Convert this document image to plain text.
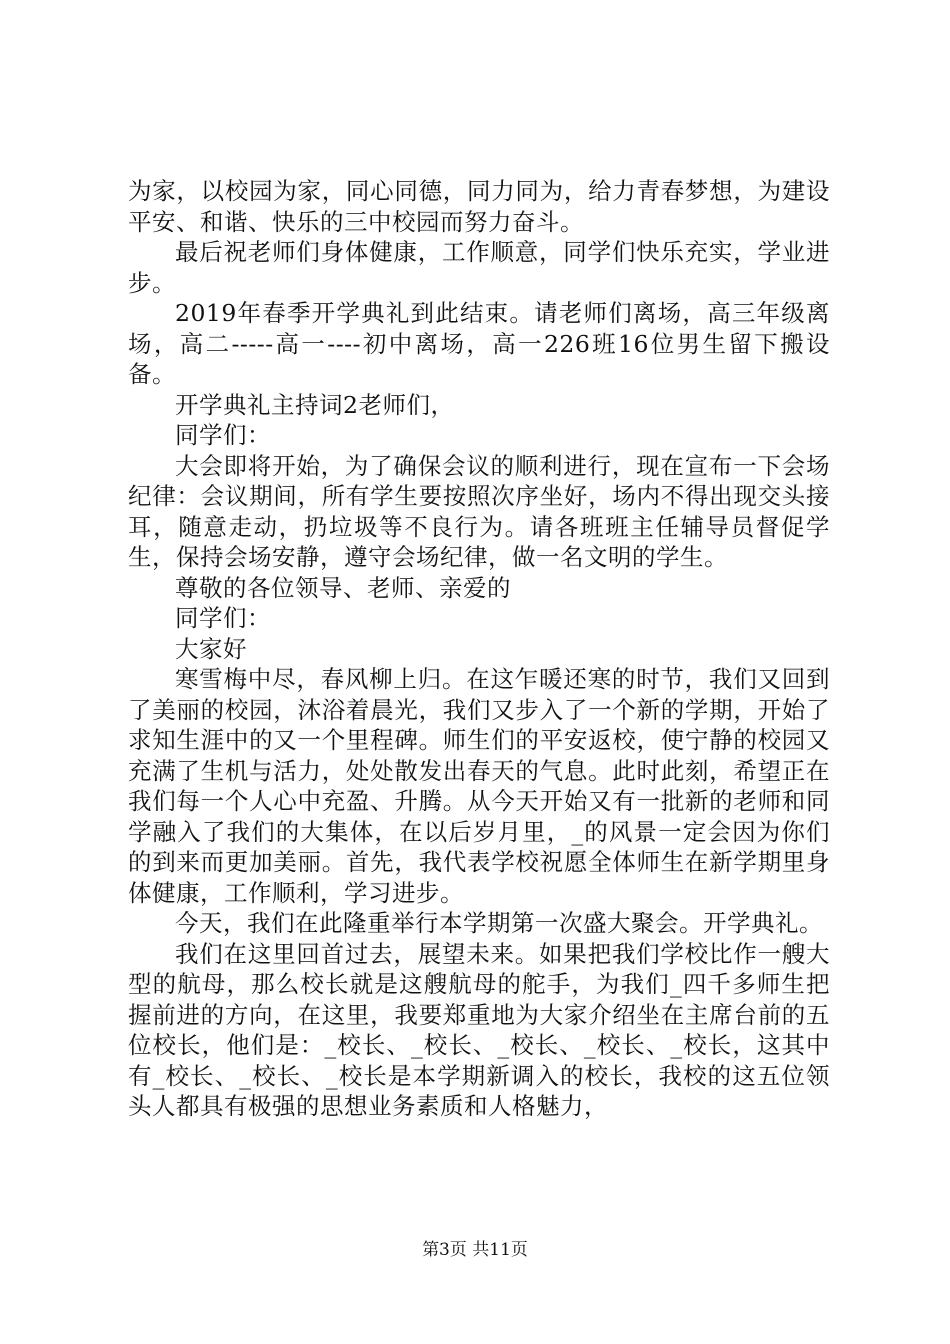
为家，以校园为家，同心同德，同力同为，给力青春梦想，为建设平安、和谐、快乐的三中校园而努力奋斗。

最后祝老师们身体健康，工作顺意，同学们快乐充实，学业进步。

2019年春季开学典礼到此结束。请老师们离场，高三年级离场，高二-----高一----初中离场，高一226班16位男生留下搬设备。

开学典礼主持词2老师们，

同学们：

大会即将开始，为了确保会议的顺利进行，现在宣布一下会场纪律：会议期间，所有学生要按照次序坐好，场内不得出现交头接耳，随意走动，扔垃圾等不良行为。请各班班主任辅导员督促学生，保持会场安静，遵守会场纪律，做一名文明的学生。

尊敬的各位领导、老师、亲爱的

同学们：

大家好

寒雪梅中尽，春风柳上归。在这乍暖还寒的时节，我们又回到了美丽的校园，沐浴着晨光，我们又步入了一个新的学期，开始了求知生涯中的又一个里程碑。师生们的平安返校，使宁静的校园又充满了生机与活力，处处散发出春天的气息。此时此刻，希望正在我们每一个人心中充盈、升腾。从今天开始又有一批新的老师和同学融入了我们的大集体，在以后岁月里，_的风景一定会因为你们的到来而更加美丽。首先，我代表学校祝愿全体师生在新学期里身体健康，工作顺利，学习进步。

今天，我们在此隆重举行本学期第一次盛大聚会。开学典礼。

我们在这里回首过去，展望未来。如果把我们学校比作一艘大型的航母，那么校长就是这艘航母的舵手，为我们_四千多师生把握前进的方向，在这里，我要郑重地为大家介绍坐在主席台前的五位校长，他们是：_校长、_校长、_校长、_校长、_校长，这其中有_校长、_校长、_校长是本学期新调入的校长，我校的这五位领头人都具有极强的思想业务素质和人格魅力，

第3页 共11页
